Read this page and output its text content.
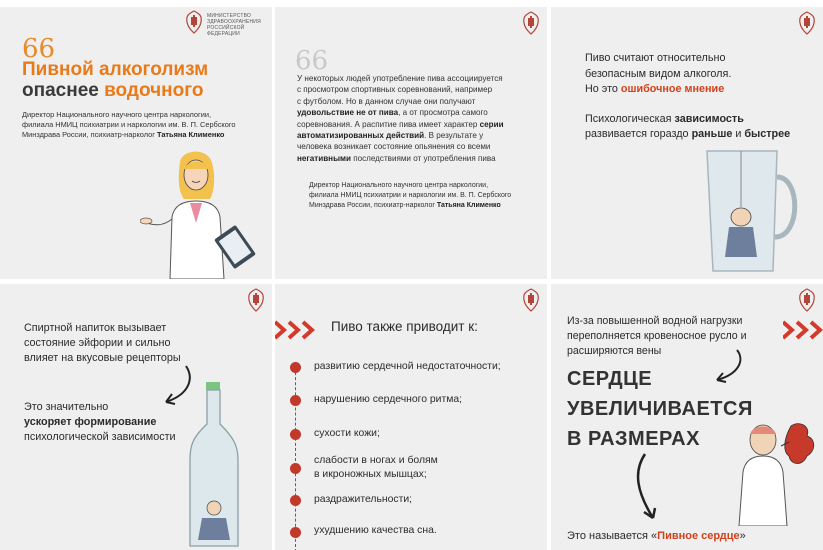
МИНИСТЕРСТВО
ЗДРАВООХРАНЕНИЯ
РОССИЙСКОЙ ФЕДЕРАЦИИ
66
Пивной алкоголизм
опаснее водочного
Директор Национального научного центра наркологии,
филиала НМИЦ психиатрии и наркологии им. В. П. Сербского
Минздрава России, психиатр-нарколог Татьяна Клименко
66
У некоторых людей употребление пива ассоциируется
с просмотром спортивных соревнований, например
с футболом. Но в данном случае они получают
удовольствие не от пива, а от просмотра самого
соревнования. А распитие пива имеет характер серии
автоматизированных действий. В результате у
человека возникает состояние опьянения со всеми
негативными последствиями от употребления пива
Директор Национального научного центра наркологии,
филиала НМИЦ психиатрии и наркологии им. В. П. Сербского
Минздрава России, психиатр-нарколог Татьяна Клименко
Пиво считают относительно
безопасным видом алкоголя.
Но это ошибочное мнение
Психологическая зависимость
развивается гораздо раньше и быстрее
Спиртной напиток вызывает
состояние эйфории и сильно
влияет на вкусовые рецепторы
Это значительно
ускоряет формирование
психологической зависимости
Пиво также приводит к:
развитию сердечной недостаточности;
нарушению сердечного ритма;
сухости кожи;
слабости в ногах и болям
в икроножных мышцах;
раздражительности;
ухудшению качества сна.
Из-за повышенной водной нагрузки
переполняется кровеносное русло и
расширяются вены
СЕРДЦЕ
УВЕЛИЧИВАЕТСЯ
В РАЗМЕРАХ
Это называется «Пивное сердце»
